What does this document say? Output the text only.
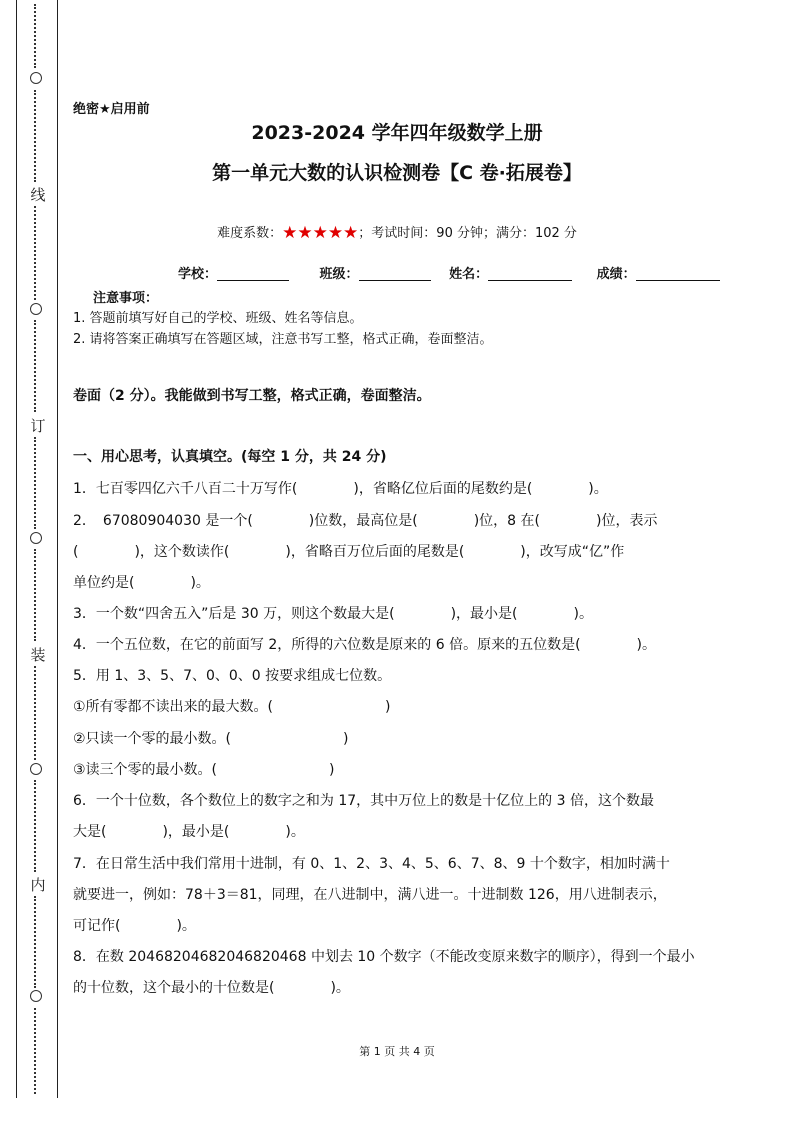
线
订
装
内
绝密★启用前
2023-2024 学年四年级数学上册
第一单元大数的认识检测卷【C 卷·拓展卷】
难度系数：★★★★★；考试时间：90 分钟；满分：102 分
学校：	班级：	姓名：	成绩：
注意事项：
1. 答题前填写好自己的学校、班级、姓名等信息。
2. 请将答案正确填写在答题区域，注意书写工整，格式正确，卷面整洁。
卷面（2 分）。我能做到书写工整，格式正确，卷面整洁。
一、用心思考，认真填空。(每空 1 分，共 24 分)
1．七百零四亿六千八百二十万写作(　　　　)，省略亿位后面的尾数约是(　　　　)。
2．　67080904030 是一个(　　　　)位数，最高位是(　　　　)位，8 在(　　　　)位，表示
(　　　　)，这个数读作(　　　　)，省略百万位后面的尾数是(　　　　)，改写成“亿”作
单位约是(　　　　)。
3．一个数“四舍五入”后是 30 万，则这个数最大是(　　　　)，最小是(　　　　)。
4．一个五位数，在它的前面写 2，所得的六位数是原来的 6 倍。原来的五位数是(　　　　)。
5．用 1、3、5、7、0、0、0 按要求组成七位数。
①所有零都不读出来的最大数。(　　　　　　　　)
②只读一个零的最小数。(　　　　　　　　)
③读三个零的最小数。(　　　　　　　　)
6．一个十位数，各个数位上的数字之和为 17，其中万位上的数是十亿位上的 3 倍，这个数最
大是(　　　　)，最小是(　　　　)。
7．在日常生活中我们常用十进制，有 0、1、2、3、4、5、6、7、8、9 十个数字，相加时满十
就要进一，例如：78＋3＝81，同理，在八进制中，满八进一。十进制数 126，用八进制表示，
可记作(　　　　)。
8．在数 20468204682046820468 中划去 10 个数字（不能改变原来数字的顺序），得到一个最小
的十位数，这个最小的十位数是(　　　　)。
第 1 页 共 4 页
